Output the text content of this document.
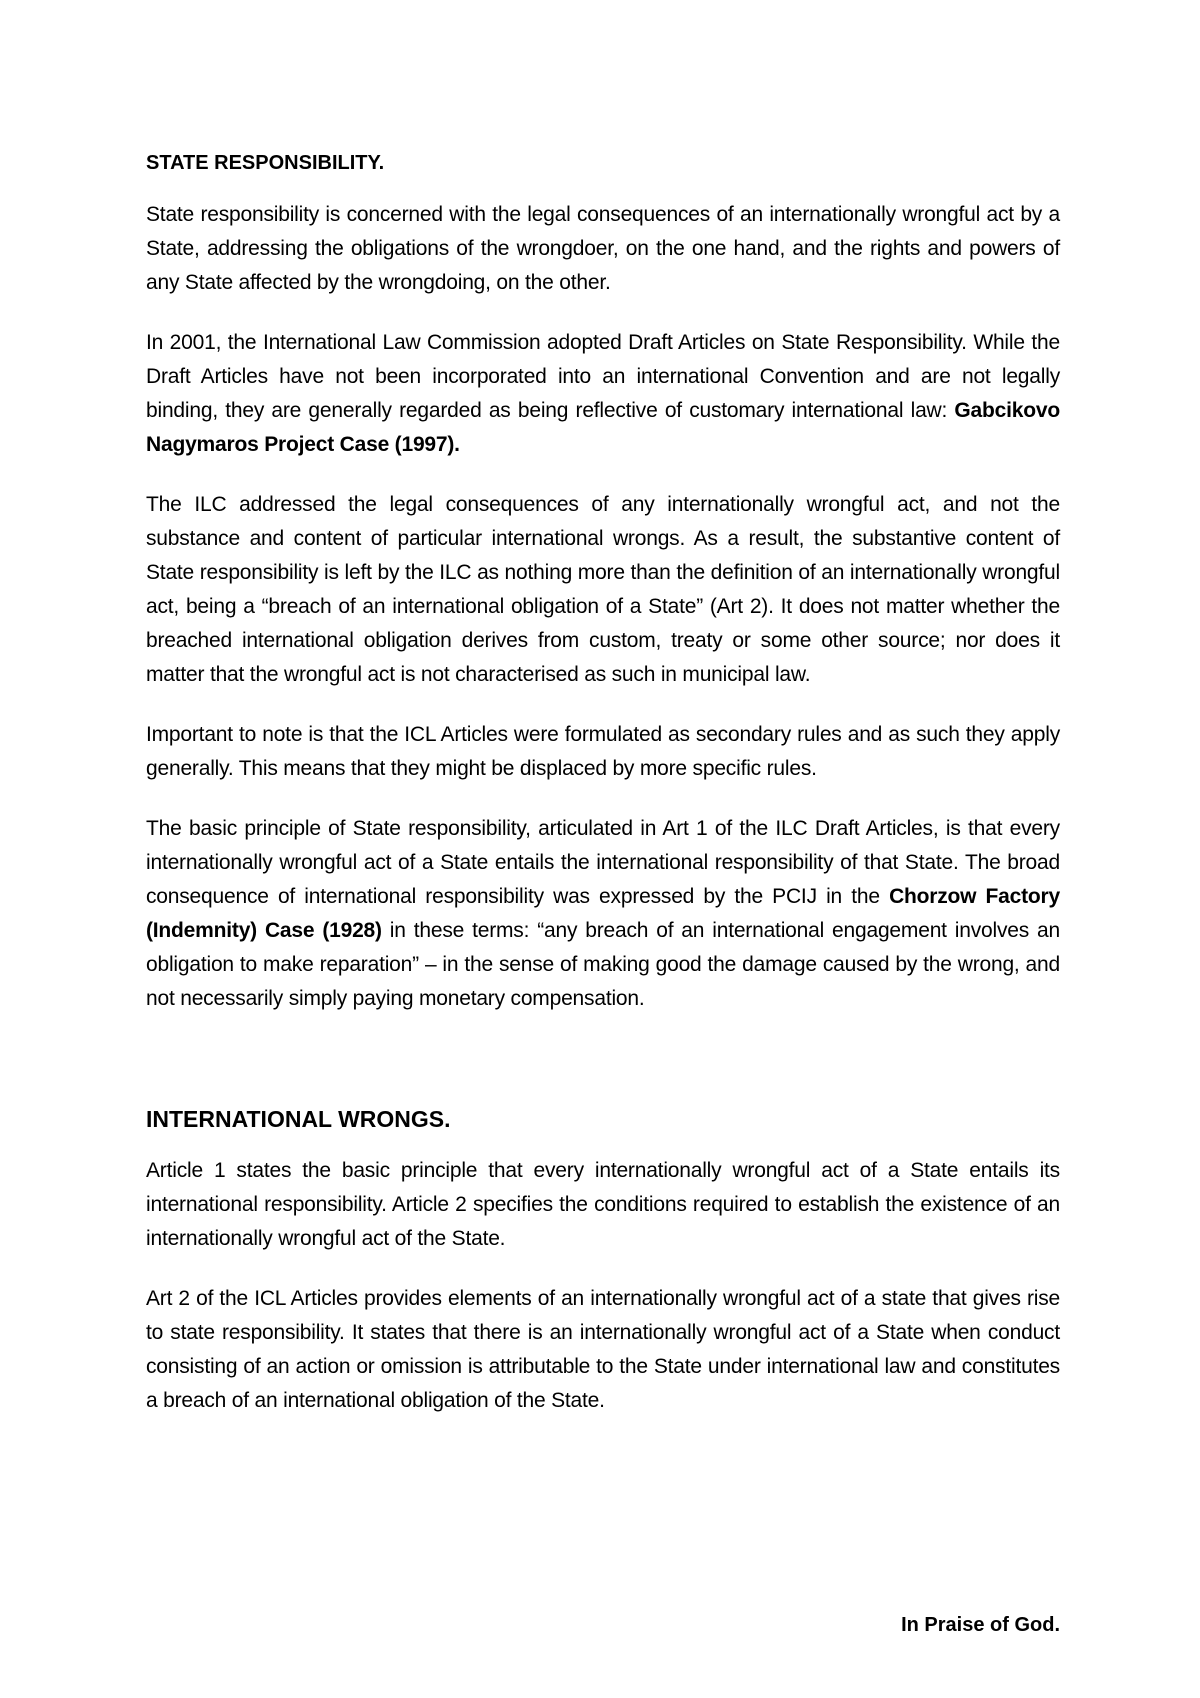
STATE RESPONSIBILITY.

State responsibility is concerned with the legal consequences of an internationally wrongful act by a State, addressing the obligations of the wrongdoer, on the one hand, and the rights and powers of any State affected by the wrongdoing, on the other.

In 2001, the International Law Commission adopted Draft Articles on State Responsibility. While the Draft Articles have not been incorporated into an international Convention and are not legally binding, they are generally regarded as being reflective of customary international law: Gabcikovo Nagymaros Project Case (1997).

The ILC addressed the legal consequences of any internationally wrongful act, and not the substance and content of particular international wrongs. As a result, the substantive content of State responsibility is left by the ILC as nothing more than the definition of an internationally wrongful act, being a “breach of an international obligation of a State” (Art 2). It does not matter whether the breached international obligation derives from custom, treaty or some other source; nor does it matter that the wrongful act is not characterised as such in municipal law.

Important to note is that the ICL Articles were formulated as secondary rules and as such they apply generally. This means that they might be displaced by more specific rules.

The basic principle of State responsibility, articulated in Art 1 of the ILC Draft Articles, is that every internationally wrongful act of a State entails the international responsibility of that State. The broad consequence of international responsibility was expressed by the PCIJ in the Chorzow Factory (Indemnity) Case (1928) in these terms: “any breach of an international engagement involves an obligation to make reparation” – in the sense of making good the damage caused by the wrong, and not necessarily simply paying monetary compensation.

INTERNATIONAL WRONGS.

Article 1 states the basic principle that every internationally wrongful act of a State entails its international responsibility. Article 2 specifies the conditions required to establish the existence of an internationally wrongful act of the State.

Art 2 of the ICL Articles provides elements of an internationally wrongful act of a state that gives rise to state responsibility. It states that there is an internationally wrongful act of a State when conduct consisting of an action or omission is attributable to the State under international law and constitutes a breach of an international obligation of the State.

In Praise of God.
